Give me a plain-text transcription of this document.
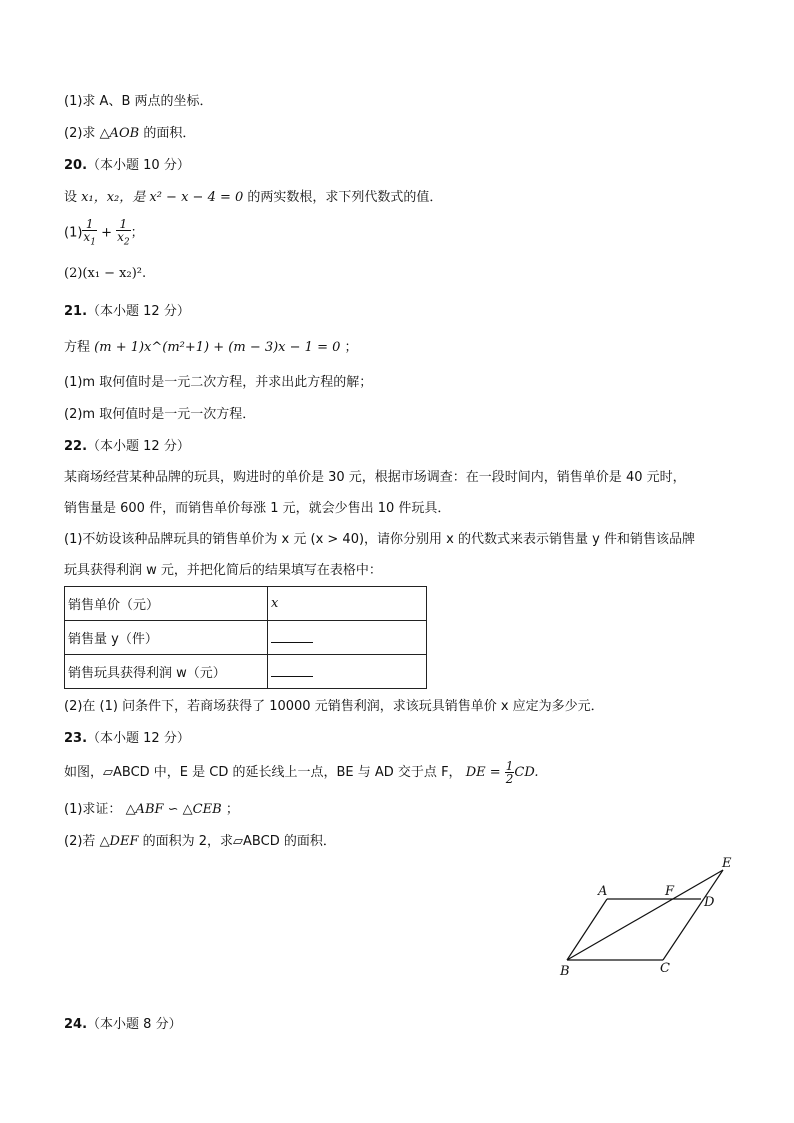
(1)求 A、B 两点的坐标．
(2)求 △AOB 的面积．
20.（本小题 10 分）
设 x₁，x₂，是 x² − x − 4 = 0 的两实数根，求下列代数式的值．
$(1) \frac{1}{x_1} + \frac{1}{x_2}$ ；
(2)(x₁ − x₂)².
21.（本小题 12 分）
方程 (m + 1)x^(m²+1) + (m − 3)x − 1 = 0 ；
(1)m 取何值时是一元二次方程，并求出此方程的解；
(2)m 取何值时是一元一次方程．
22.（本小题 12 分）
某商场经营某种品牌的玩具，购进时的单价是 30 元，根据市场调查：在一段时间内，销售单价是 40 元时，
销售量是 600 件，而销售单价每涨 1 元，就会少售出 10 件玩具．
(1)不妨设该种品牌玩具的销售单价为 x 元 (x > 40)，请你分别用 x 的代数式来表示销售量 y 件和销售该品牌
玩具获得利润 w 元，并把化简后的结果填写在表格中：
销售单价（元）	x
销售量 y（件）	
销售玩具获得利润 w（元）	
(2)在 (1) 问条件下，若商场获得了 10000 元销售利润，求该玩具销售单价 x 应定为多少元．
23.（本小题 12 分）
如图，▱ABCD 中，E 是 CD 的延长线上一点，BE 与 AD 交于点 F， DE = $\frac{1}{2}$ CD.
(1)求证： △ABF ∽ △CEB ；
(2)若 △DEF 的面积为 2，求▱ABCD 的面积．
A	F
D
E
B	C
24.（本小题 8 分）
